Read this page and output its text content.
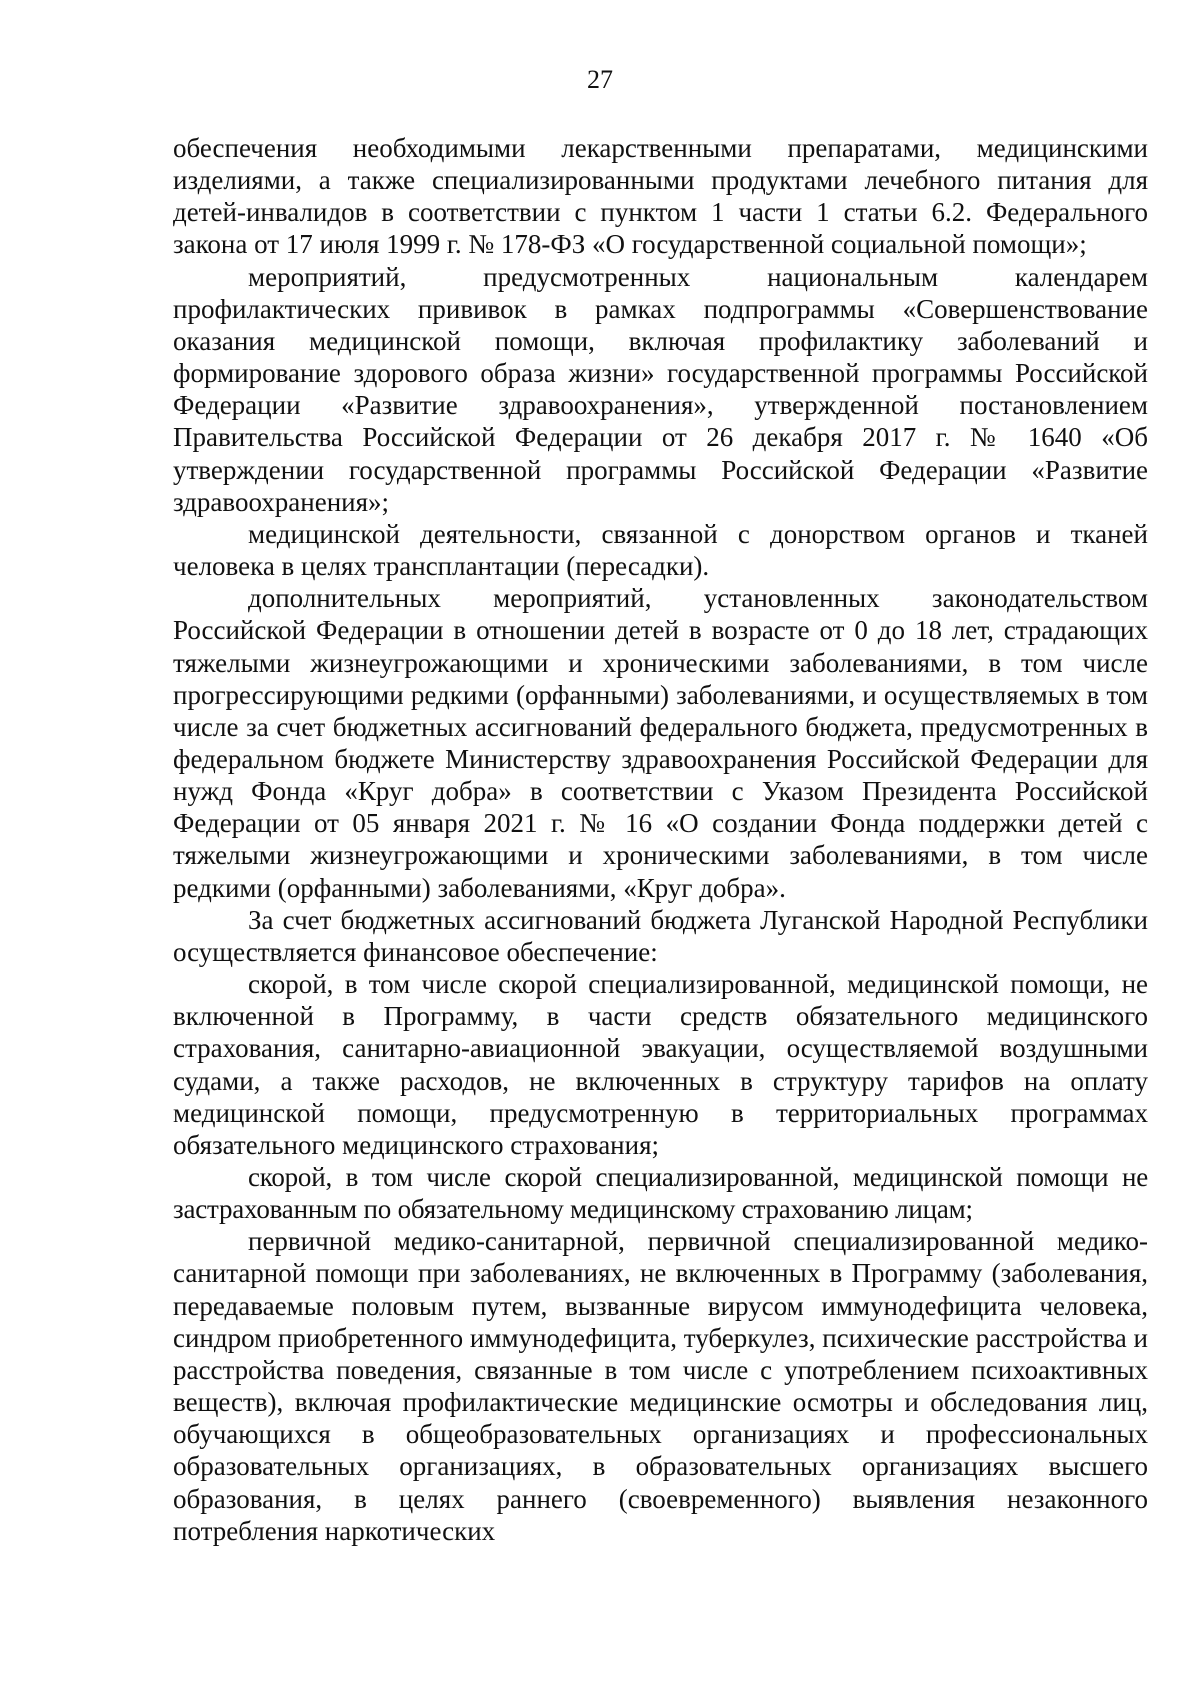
27

обеспечения необходимыми лекарственными препаратами, медицинскими изделиями, а также специализированными продуктами лечебного питания для детей-инвалидов в соответствии с пунктом 1 части 1 статьи 6.2. Федерального закона от 17 июля 1999 г. № 178-ФЗ «О государственной социальной помощи»;

мероприятий, предусмотренных национальным календарем профилактических прививок в рамках подпрограммы «Совершенствование оказания медицинской помощи, включая профилактику заболеваний и формирование здорового образа жизни» государственной программы Российской Федерации «Развитие здравоохранения», утвержденной постановлением Правительства Российской Федерации от 26 декабря 2017 г. № 1640 «Об утверждении государственной программы Российской Федерации «Развитие здравоохранения»;

медицинской деятельности, связанной с донорством органов и тканей человека в целях трансплантации (пересадки).

дополнительных мероприятий, установленных законодательством Российской Федерации в отношении детей в возрасте от 0 до 18 лет, страдающих тяжелыми жизнеугрожающими и хроническими заболеваниями, в том числе прогрессирующими редкими (орфанными) заболеваниями, и осуществляемых в том числе за счет бюджетных ассигнований федерального бюджета, предусмотренных в федеральном бюджете Министерству здравоохранения Российской Федерации для нужд Фонда «Круг добра» в соответствии с Указом Президента Российской Федерации от 05 января 2021 г. № 16 «О создании Фонда поддержки детей с тяжелыми жизнеугрожающими и хроническими заболеваниями, в том числе редкими (орфанными) заболеваниями, «Круг добра».

За счет бюджетных ассигнований бюджета Луганской Народной Республики осуществляется финансовое обеспечение:

скорой, в том числе скорой специализированной, медицинской помощи, не включенной в Программу, в части средств обязательного медицинского страхования, санитарно-авиационной эвакуации, осуществляемой воздушными судами, а также расходов, не включенных в структуру тарифов на оплату медицинской помощи, предусмотренную в территориальных программах обязательного медицинского страхования;

скорой, в том числе скорой специализированной, медицинской помощи не застрахованным по обязательному медицинскому страхованию лицам;

первичной медико-санитарной, первичной специализированной медико-санитарной помощи при заболеваниях, не включенных в Программу (заболевания, передаваемые половым путем, вызванные вирусом иммунодефицита человека, синдром приобретенного иммунодефицита, туберкулез, психические расстройства и расстройства поведения, связанные в том числе с употреблением психоактивных веществ), включая профилактические медицинские осмотры и обследования лиц, обучающихся в общеобразовательных организациях и профессиональных образовательных организациях, в образовательных организациях высшего образования, в целях раннего (своевременного) выявления незаконного потребления наркотических
